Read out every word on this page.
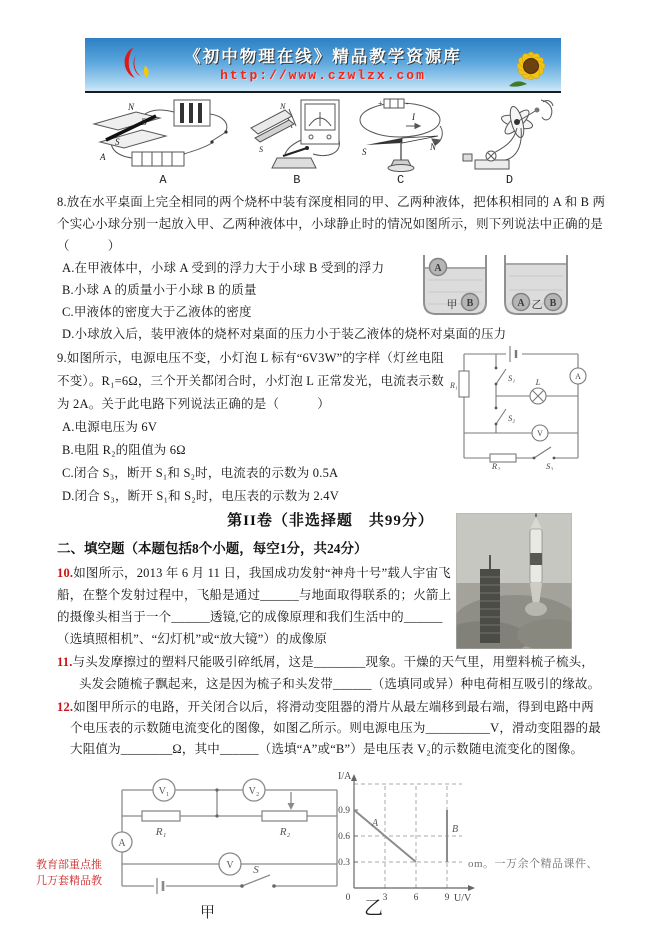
《初中物理在线》精品教学资源库
http://www.czwlzx.com
N
B
S
A
A
N
S
B
I
+	-
S	N
C	D
8.放在水平桌面上完全相同的两个烧杯中装有深度相同的甲、乙两种液体，把体积相同的 A 和 B 两个实心小球分别一起放入甲、乙两种液体中，小球静止时的情况如图所示，则下列说法中正确的是（　　　）
A.在甲液体中，小球 A 受到的浮力大于小球 B 受到的浮力
B.小球 A 的质量小于小球 B 的质量
C.甲液体的密度大于乙液体的密度
D.小球放入后，装甲液体的烧杯对桌面的压力小于装乙液体的烧杯对桌面的压力
A
B
甲	A	B
乙
9.如图所示，电源电压不变，小灯泡 L 标有“6V3W”的字样（灯丝电阻不变）。R₁=6Ω，三个开关都闭合时，小灯泡 L 正常发光，电流表示数为 2A。关于此电路下列说法正确的是（　　　）
A.电源电压为 6V
B.电阻 R₂的阻值为 6Ω
C.闭合 S₃，断开 S₁和 S₂时，电流表的示数为 0.5A
D.闭合 S₃，断开 S₁和 S₂时，电压表的示数为 2.4V
A
V
S₁
S₂
S₃
L
R₁
R₂
第II卷（非选择题　共99分）
二、填空题（本题包括8个小题，每空1分，共24分）
10.如图所示，2013 年 6 月 11 日，我国成功发射“神舟十号”载人宇宙飞船，在整个发射过程中，飞船是通过______与地面取得联系的；火箭上的摄像头相当于一个______透镜,它的成像原理和我们生活中的______（选填照相机”、“幻灯机”或“放大镜”）的成像原
11.与头发摩擦过的塑料尺能吸引碎纸屑，这是________现象。干燥的天气里，用塑料梳子梳头，头发会随梳子飘起来，这是因为梳子和头发带______（选填同或异）种电荷相互吸引的缘故。
12.如图甲所示的电路，开关闭合以后，将滑动变阻器的滑片从最左端移到最右端，得到电路中两个电压表的示数随电流变化的图像，如图乙所示。则电源电压为__________V，滑动变阻器的最大阻值为________Ω，其中______（选填“A”或“B”）是电压表 V₂的示数随电流变化的图像。
V₁	V₂
A
V
R₁	R₂
S
甲
I/A
U/V
0	3	6	9
0.3
0.6
0.9
A
B
乙
教育部重点推
几万套精品教
om。一万余个精品课件、
